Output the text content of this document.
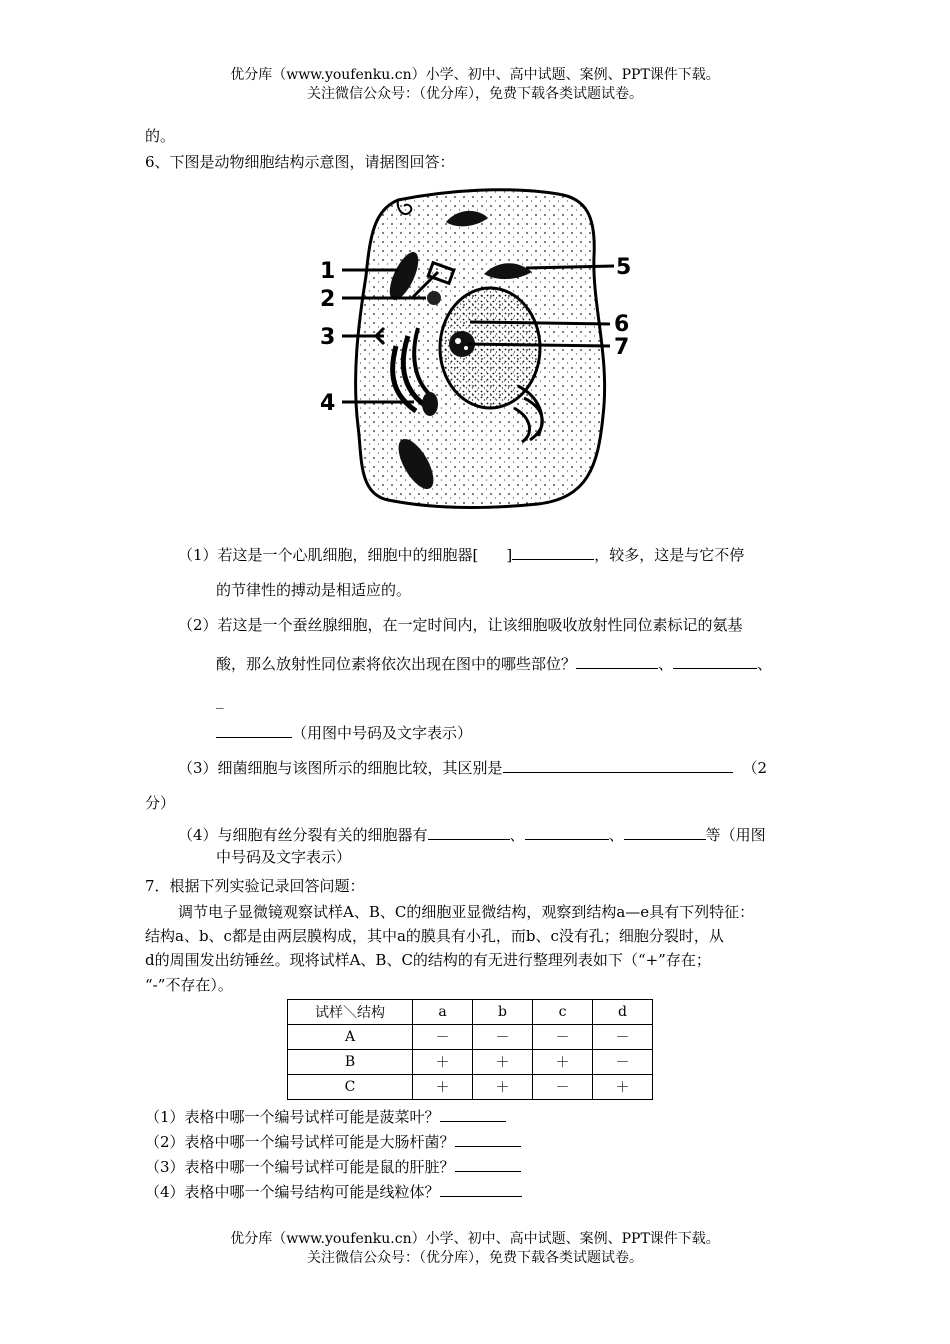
优分库（www.youfenku.cn）小学、初中、高中试题、案例、PPT课件下载。
关注微信公众号：（优分库），免费下载各类试题试卷。
的。
6、下图是动物细胞结构示意图，请据图回答：
1
2
3
4
5
6
7
（1）若这是一个心肌细胞，细胞中的细胞器[ ]	，较多，这是与它不停
的节律性的搏动是相适应的。
（2）若这是一个蚕丝腺细胞，在一定时间内，让该细胞吸收放射性同位素标记的氨基
酸，那么放射性同位素将依次出现在图中的哪些部位？	、	、
_
（用图中号码及文字表示）
（3）细菌细胞与该图所示的细胞比较，其区别是	（2
分）
（4）与细胞有丝分裂有关的细胞器有	、	、	等（用图
中号码及文字表示）
7．根据下列实验记录回答问题：
调节电子显微镜观察试样A、B、C的细胞亚显微结构，观察到结构a—e具有下列特征：
结构a、b、c都是由两层膜构成，其中a的膜具有小孔，而b、c没有孔；细胞分裂时，从
d的周围发出纺锤丝。现将试样A、B、C的结构的有无进行整理列表如下（“+”存在；
“-”不存在）。
试样＼结构	a	b	c	d
A	－	－	－	－
B	＋	＋	＋	－
C	＋	＋	－	＋
（1）表格中哪一个编号试样可能是菠菜叶？
（2）表格中哪一个编号试样可能是大肠杆菌？
（3）表格中哪一个编号试样可能是鼠的肝脏？
（4）表格中哪一个编号结构可能是线粒体？
优分库（www.youfenku.cn）小学、初中、高中试题、案例、PPT课件下载。
关注微信公众号：（优分库），免费下载各类试题试卷。
